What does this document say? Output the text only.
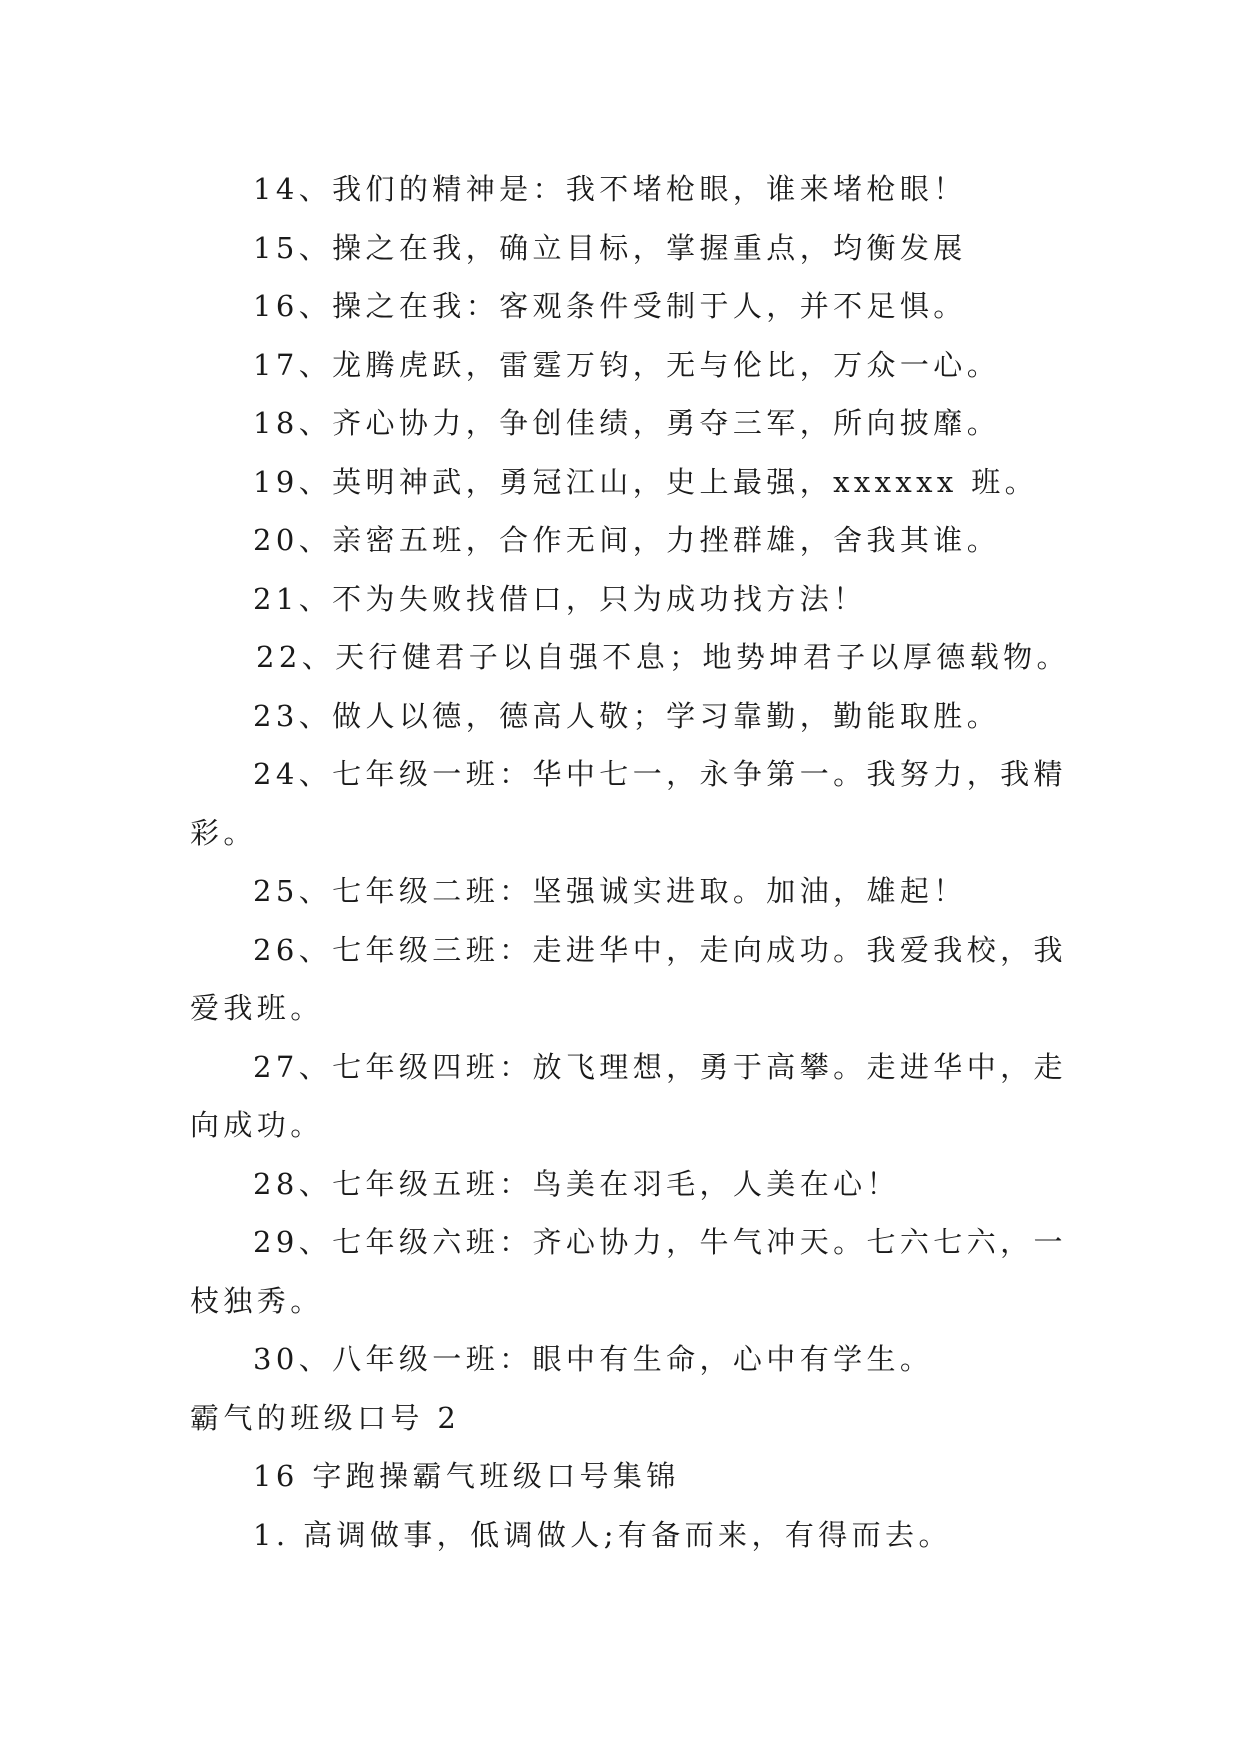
14、我们的精神是：我不堵枪眼，谁来堵枪眼！

15、操之在我，确立目标，掌握重点，均衡发展

16、操之在我：客观条件受制于人，并不足惧。

17、龙腾虎跃，雷霆万钧，无与伦比，万众一心。

18、齐心协力，争创佳绩，勇夺三军，所向披靡。

19、英明神武，勇冠江山，史上最强，xxxxxx 班。

20、亲密五班，合作无间，力挫群雄，舍我其谁。

21、不为失败找借口，只为成功找方法！

22、天行健君子以自强不息；地势坤君子以厚德载物。

23、做人以德，德高人敬；学习靠勤，勤能取胜。

24、七年级一班：华中七一，永争第一。我努力，我精

彩。

25、七年级二班：坚强诚实进取。加油，雄起！

26、七年级三班：走进华中，走向成功。我爱我校，我

爱我班。

27、七年级四班：放飞理想，勇于高攀。走进华中，走

向成功。

28、七年级五班：鸟美在羽毛，人美在心！

29、七年级六班：齐心协力，牛气冲天。七六七六，一

枝独秀。

30、八年级一班：眼中有生命，心中有学生。

霸气的班级口号 2

16 字跑操霸气班级口号集锦

1. 高调做事，低调做人;有备而来，有得而去。
